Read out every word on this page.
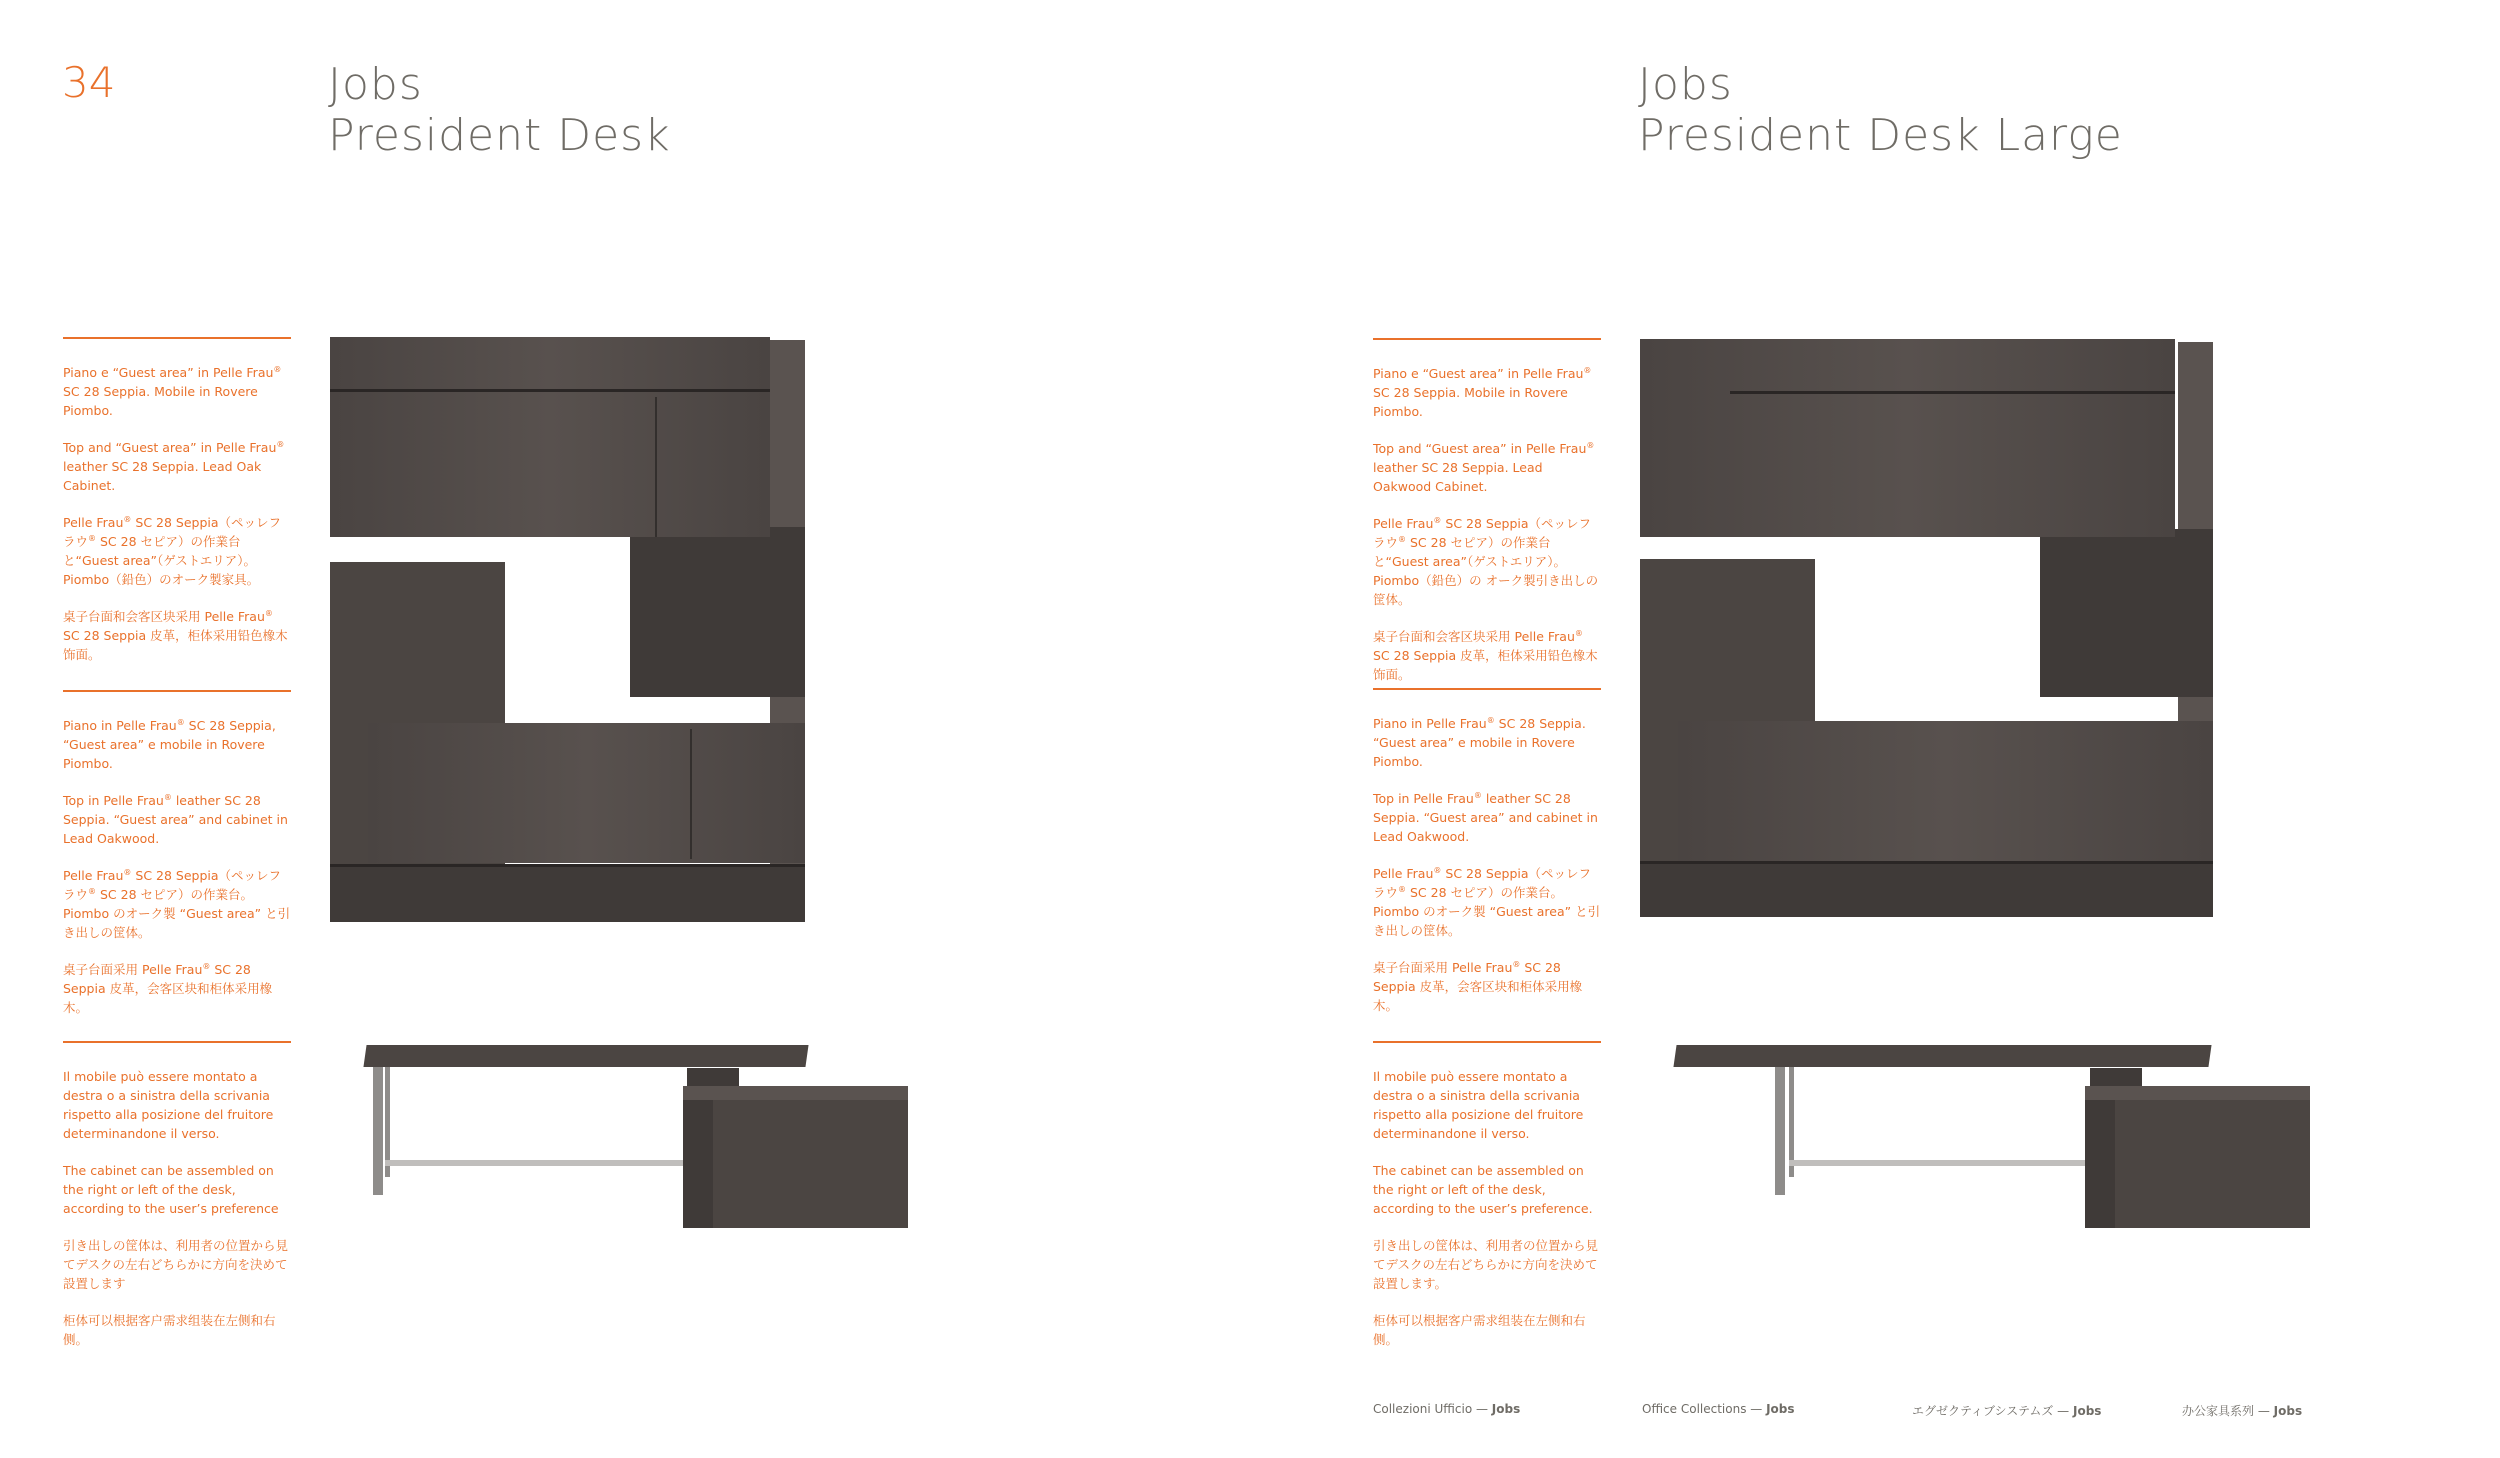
34	Jobs
President Desk
Jobs
President Desk Large

Piano e “Guest area” in Pelle Frau® SC 28 Seppia. Mobile in Rovere Piombo.

Top and “Guest area” in Pelle Frau® leather SC 28 Seppia. Lead Oak Cabinet.

Pelle Frau® SC 28 Seppia（ペッレフラウ® SC 28 セピア）の作業台と“Guest area”（ゲストエリア）。Piombo（鉛色）のオーク製家具。

桌子台面和会客区块采用 Pelle Frau® SC 28 Seppia 皮革，柜体采用铅色橡木饰面。

Piano in Pelle Frau® SC 28 Seppia, “Guest area” e mobile in Rovere Piombo.

Top in Pelle Frau® leather SC 28 Seppia. “Guest area” and cabinet in Lead Oakwood.

Pelle Frau® SC 28 Seppia（ペッレフラウ® SC 28 セピア）の作業台。Piombo のオーク製 “Guest area” と引き出しの筐体。

桌子台面采用 Pelle Frau® SC 28 Seppia 皮革，会客区块和柜体采用橡木。

Il mobile può essere montato a destra o a sinistra della scrivania rispetto alla posizione del fruitore determinandone il verso.

The cabinet can be assembled on the right or left of the desk, according to the user’s preference

引き出しの筐体は、利用者の位置から見てデスクの左右どちらかに方向を決めて設置します

柜体可以根据客户需求组装在左侧和右侧。

Piano e “Guest area” in Pelle Frau® SC 28 Seppia. Mobile in Rovere Piombo.

Top and “Guest area” in Pelle Frau® leather SC 28 Seppia. Lead Oakwood Cabinet.

Pelle Frau® SC 28 Seppia（ペッレフラウ® SC 28 セピア）の作業台と“Guest area”（ゲストエリア）。Piombo（鉛色）の オーク製引き出しの筐体。

桌子台面和会客区块采用 Pelle Frau® SC 28 Seppia 皮革，柜体采用铅色橡木饰面。

Piano in Pelle Frau® SC 28 Seppia. “Guest area” e mobile in Rovere Piombo.

Top in Pelle Frau® leather SC 28 Seppia. “Guest area” and cabinet in Lead Oakwood.

Pelle Frau® SC 28 Seppia（ペッレフラウ® SC 28 セピア）の作業台。Piombo のオーク製 “Guest area” と引き出しの筐体。

桌子台面采用 Pelle Frau® SC 28 Seppia 皮革，会客区块和柜体采用橡木。

Il mobile può essere montato a destra o a sinistra della scrivania rispetto alla posizione del fruitore determinandone il verso.

The cabinet can be assembled on the right or left of the desk, according to the user’s preference.

引き出しの筐体は、利用者の位置から見てデスクの左右どちらかに方向を決めて設置します。

柜体可以根据客户需求组装在左侧和右侧。

Collezioni Ufficio — Jobs	Office Collections — Jobs	エグゼクティブシステムズ — Jobs	办公家具系列 — Jobs
